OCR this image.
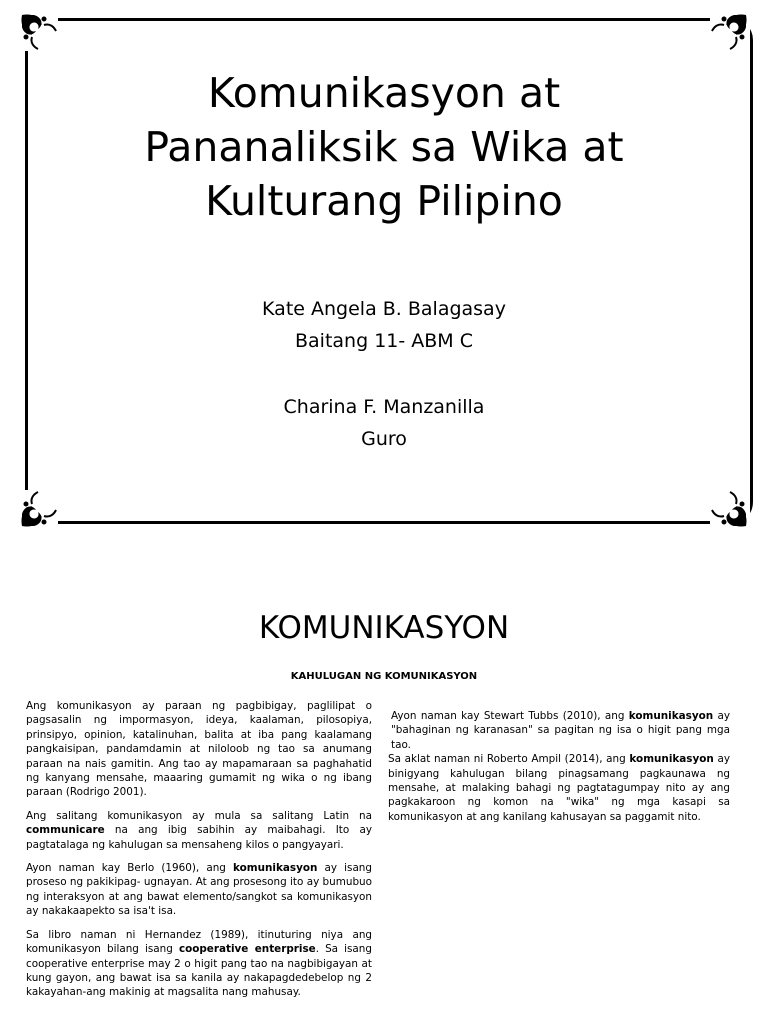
Komunikasyon at Pananaliksik sa Wika at Kulturang Pilipino
Kate Angela B. Balagasay
Baitang 11- ABM C
Charina F. Manzanilla
Guro
KOMUNIKASYON
KAHULUGAN NG KOMUNIKASYON

Ang komunikasyon ay paraan ng pagbibigay, paglilipat o pagsasalin ng impormasyon, ideya, kaalaman, pilosopiya, prinsipyo, opinion, katalinuhan, balita at iba pang kaalamang pangkaisipan, pandamdamin at niloloob ng tao sa anumang paraan na nais gamitin. Ang tao ay mapamaraan sa paghahatid ng kanyang mensahe, maaaring gumamit ng wika o ng ibang paraan (Rodrigo 2001).

Ang salitang komunikasyon ay mula sa salitang Latin na communicare na ang ibig sabihin ay maibahagi. Ito ay pagtatalaga ng kahulugan sa mensaheng kilos o pangyayari.

Ayon naman kay Berlo (1960), ang komunikasyon ay isang proseso ng pakikipag- ugnayan. At ang prosesong ito ay bumubuo ng interaksyon at ang bawat elemento/sangkot sa komunikasyon ay nakakaapekto sa isa't isa.

Sa libro naman ni Hernandez (1989), itinuturing niya ang komunikasyon bilang isang cooperative enterprise. Sa isang cooperative enterprise may 2 o higit pang tao na nagbibigayan at kung gayon, ang bawat isa sa kanila ay nakapagdedebelop ng 2 kakayahan-ang makinig at magsalita nang mahusay.

Ayon naman kay Stewart Tubbs (2010), ang komunikasyon ay "bahaginan ng karanasan" sa pagitan ng isa o higit pang mga tao.

Sa aklat naman ni Roberto Ampil (2014), ang komunikasyon ay binigyang kahulugan bilang pinagsamang pagkaunawa ng mensahe, at malaking bahagi ng pagtatagumpay nito ay ang pagkakaroon ng komon na "wika" ng mga kasapi sa komunikasyon at ang kanilang kahusayan sa paggamit nito.
